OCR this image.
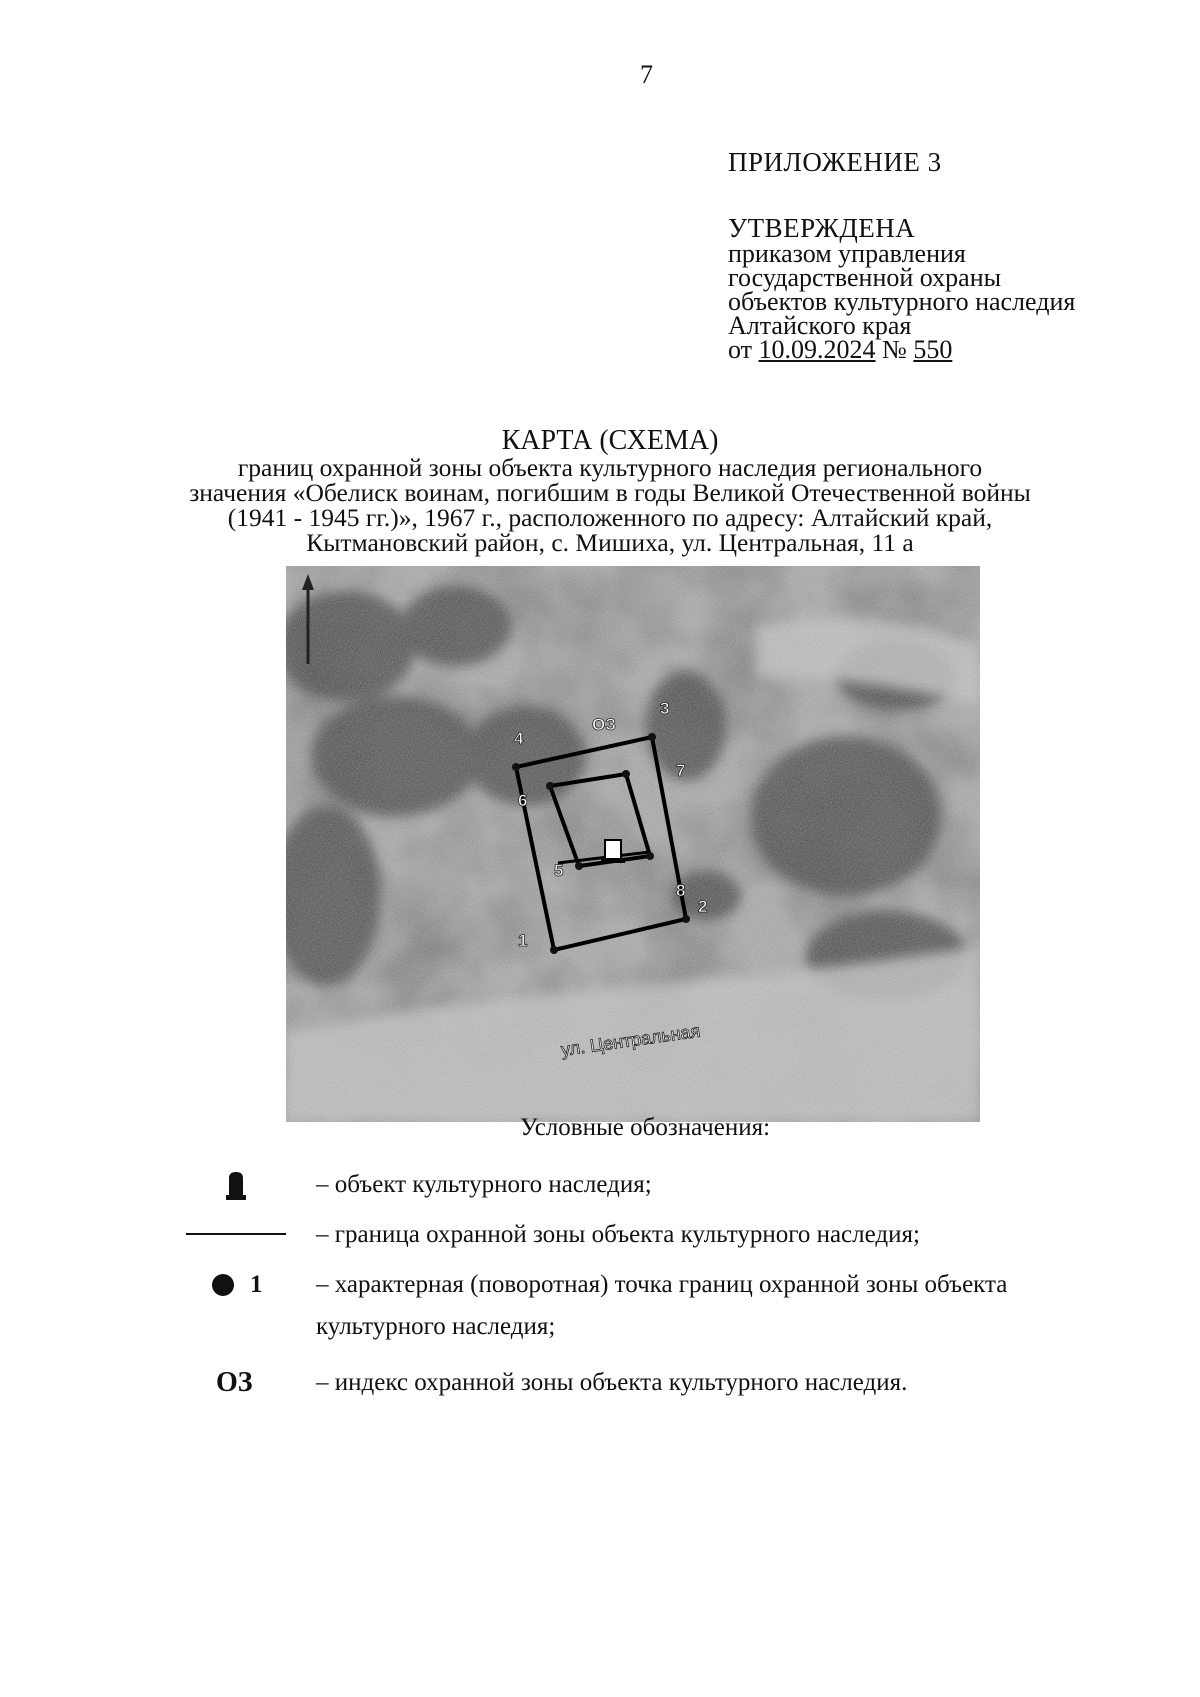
7
ПРИЛОЖЕНИЕ 3
УТВЕРЖДЕНА
приказом управления
государственной охраны
объектов культурного наследия
Алтайского края
от 10.09.2024 № 550
КАРТА (СХЕМА)
границ охранной зоны объекта культурного наследия регионального
значения «Обелиск воинам, погибшим в годы Великой Отечественной войны
(1941 - 1945 гг.)», 1967 г., расположенного по адресу: Алтайский край,
Кытмановский район, с. Мишиха, ул. Центральная, 11 а
1
2
3
4
5
6
7
8
ОЗ
ул. Центральная
Условные обозначения:
– объект культурного наследия;
– граница охранной зоны объекта культурного наследия;
1 – характерная (поворотная) точка границ охранной зоны объекта
культурного наследия;
ОЗ	– индекс охранной зоны объекта культурного наследия.
